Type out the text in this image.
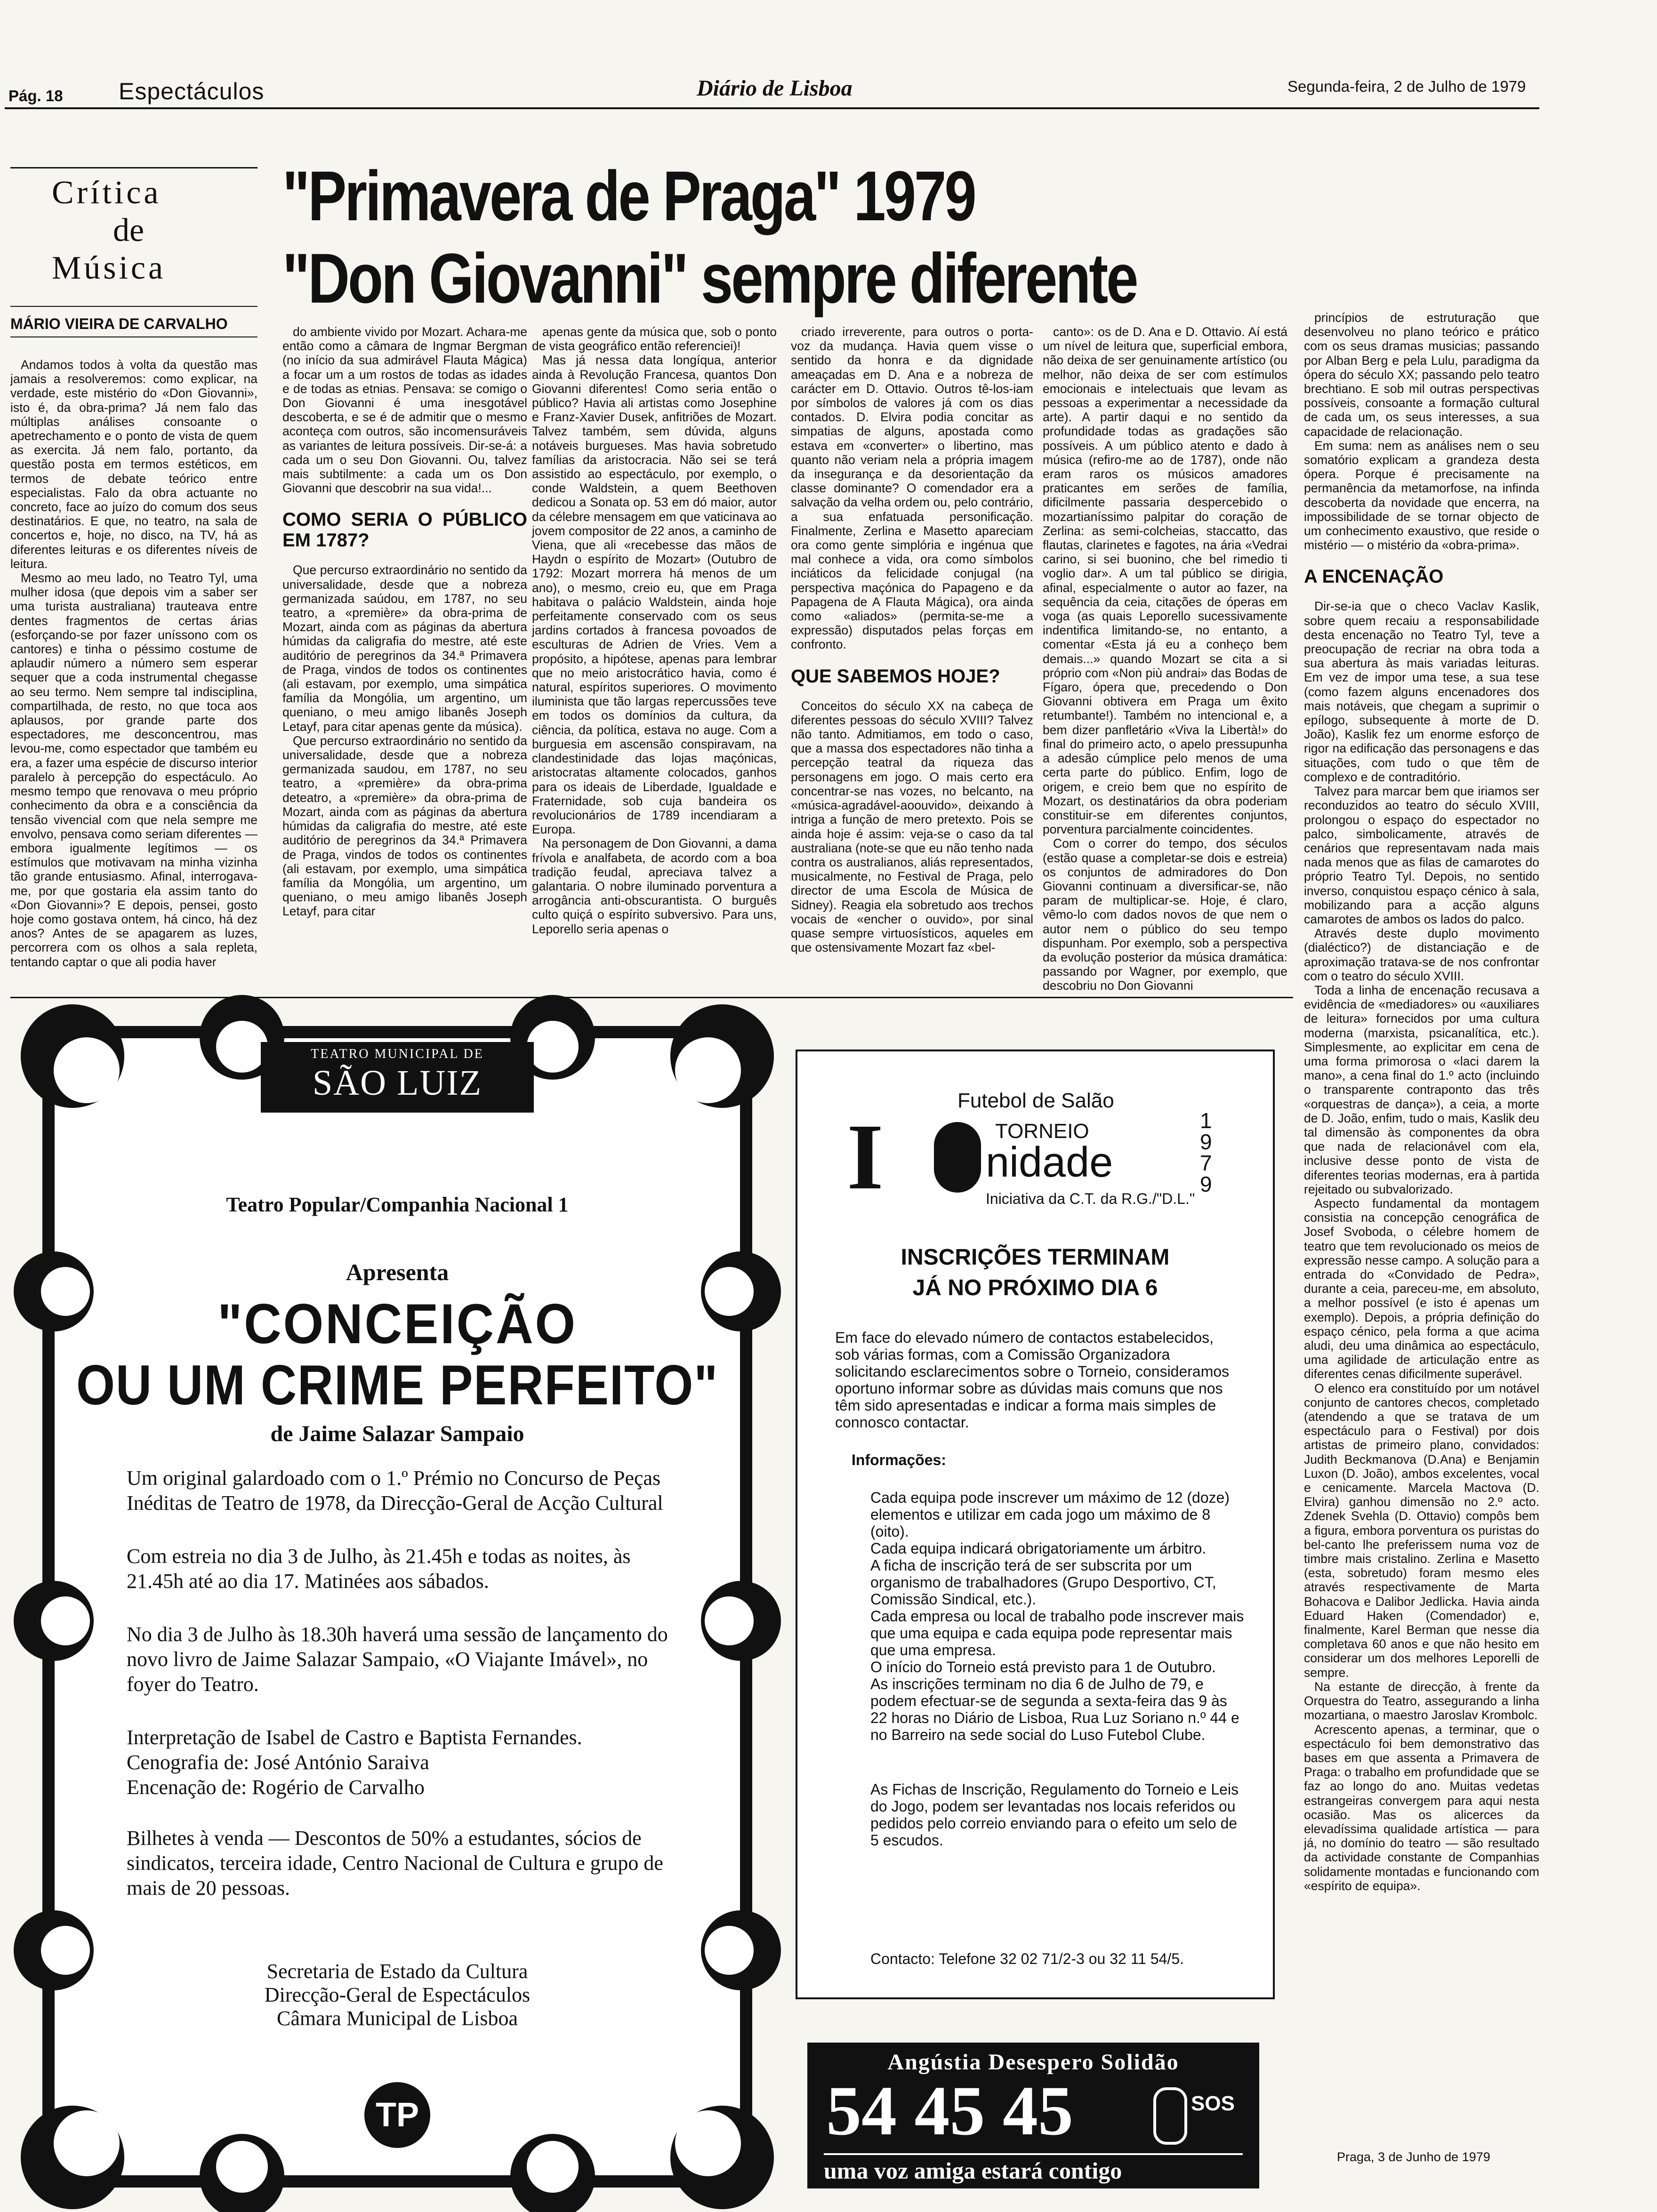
Pág. 18 Espectáculos	Diário de Lisboa	Segunda-feira, 2 de Julho de 1979
Crítica
de
Música
MÁRIO VIEIRA DE CARVALHO
"Primavera de Praga" 1979
"Don Giovanni" sempre diferente

Andamos todos à volta da questão mas jamais a resolveremos: como explicar, na verdade, este mistério do «Don Giovanni», isto é, da obra-prima? Já nem falo das múltiplas análises consoante o apetrechamento e o ponto de vista de quem as exercita. Já nem falo, portanto, da questão posta em termos estéticos, em termos de debate teórico entre especialistas. Falo da obra actuante no concreto, face ao juízo do comum dos seus destinatários. E que, no teatro, na sala de concertos e, hoje, no disco, na TV, há as diferentes leituras e os diferentes níveis de leitura.

Mesmo ao meu lado, no Teatro Tyl, uma mulher idosa (que depois vim a saber ser uma turista australiana) trauteava entre dentes fragmentos de certas árias (esforçando-se por fazer uníssono com os cantores) e tinha o péssimo costume de aplaudir número a número sem esperar sequer que a coda instrumental chegasse ao seu termo. Nem sempre tal indisciplina, compartilhada, de resto, no que toca aos aplausos, por grande parte dos espectadores, me desconcentrou, mas levou-me, como espectador que também eu era, a fazer uma espécie de discurso interior paralelo à percepção do espectáculo. Ao mesmo tempo que renovava o meu próprio conhecimento da obra e a consciência da tensão vivencial com que nela sempre me envolvo, pensava como seriam diferentes — embora igualmente legítimos — os estímulos que motivavam na minha vizinha tão grande entusiasmo. Afinal, interrogava-me, por que gostaria ela assim tanto do «Don Giovanni»? E depois, pensei, gosto hoje como gostava ontem, há cinco, há dez anos? Antes de se apagarem as luzes, percorrera com os olhos a sala repleta, tentando captar o que ali podia haver

do ambiente vivido por Mozart. Achara-me então como a câmara de Ingmar Bergman (no início da sua admirável Flauta Mágica) a focar um a um rostos de todas as idades e de todas as etnias. Pensava: se comigo o Don Giovanni é uma inesgotável descoberta, e se é de admitir que o mesmo aconteça com outros, são incomensuráveis as variantes de leitura possíveis. Dir-se-á: a cada um o seu Don Giovanni. Ou, talvez mais subtilmente: a cada um os Don Giovanni que descobrir na sua vida!...

COMO SERIA O PÚBLICO EM 1787?

Que percurso extraordinário no sentido da universalidade, desde que a nobreza germanizada saúdou, em 1787, no seu teatro, a «première» da obra-prima de Mozart, ainda com as páginas da abertura húmidas da caligrafia do mestre, até este auditório de peregrinos da 34.ª Primavera de Praga, vindos de todos os continentes (ali estavam, por exemplo, uma simpática família da Mongólia, um argentino, um queniano, o meu amigo libanês Joseph Letayf, para citar apenas gente da música).

Que percurso extraordinário no sentido da universalidade, desde que a nobreza germanizada saudou, em 1787, no seu teatro, a «première» da obra-prima deteatro, a «première» da obra-prima de Mozart, ainda com as páginas da abertura húmidas da caligrafia do mestre, até este auditório de peregrinos da 34.ª Primavera de Praga, vindos de todos os continentes (ali estavam, por exemplo, uma simpática família da Mongólia, um argentino, um queniano, o meu amigo libanês Joseph Letayf, para citar

apenas gente da música que, sob o ponto de vista geográfico então referenciei)!

Mas já nessa data longíqua, anterior ainda à Revolução Francesa, quantos Don Giovanni diferentes! Como seria então o público? Havia ali artistas como Josephine e Franz-Xavier Dusek, anfitriões de Mozart. Talvez também, sem dúvida, alguns notáveis burgueses. Mas havia sobretudo famílias da aristocracia. Não sei se terá assistido ao espectáculo, por exemplo, o conde Waldstein, a quem Beethoven dedicou a Sonata op. 53 em dó maior, autor da célebre mensagem em que vaticinava ao jovem compositor de 22 anos, a caminho de Viena, que ali «recebesse das mãos de Haydn o espírito de Mozart» (Outubro de 1792: Mozart morrera há menos de um ano), o mesmo, creio eu, que em Praga habitava o palácio Waldstein, ainda hoje perfeitamente conservado com os seus jardins cortados à francesa povoados de esculturas de Adrien de Vries. Vem a propósito, a hipótese, apenas para lembrar que no meio aristocrático havia, como é natural, espíritos superiores. O movimento iluminista que tão largas repercussões teve em todos os domínios da cultura, da ciência, da política, estava no auge. Com a burguesia em ascensão conspiravam, na clandestinidade das lojas maçónicas, aristocratas altamente colocados, ganhos para os ideais de Liberdade, Igualdade e Fraternidade, sob cuja bandeira os revolucionários de 1789 incendiaram a Europa.

Na personagem de Don Giovanni, a dama frívola e analfabeta, de acordo com a boa tradição feudal, apreciava talvez a galantaria. O nobre iluminado porventura a arrogância anti-obscurantista. O burguês culto quiçá o espírito subversivo. Para uns, Leporello seria apenas o

criado irreverente, para outros o porta-voz da mudança. Havia quem visse o sentido da honra e da dignidade ameaçadas em D. Ana e a nobreza de carácter em D. Ottavio. Outros tê-los-iam por símbolos de valores já com os dias contados. D. Elvira podia concitar as simpatias de alguns, apostada como estava em «converter» o libertino, mas quanto não veriam nela a própria imagem da insegurança e da desorientação da classe dominante? O comendador era a salvação da velha ordem ou, pelo contrário, a sua enfatuada personificação. Finalmente, Zerlina e Masetto apareciam ora como gente simplória e ingénua que mal conhece a vida, ora como símbolos inciáticos da felicidade conjugal (na perspectiva maçónica do Papageno e da Papagena de A Flauta Mágica), ora ainda como «aliados» (permita-se-me a expressão) disputados pelas forças em confronto.

QUE SABEMOS HOJE?

Conceitos do século XX na cabeça de diferentes pessoas do século XVIII? Talvez não tanto. Admitiamos, em todo o caso, que a massa dos espectadores não tinha a percepção teatral da riqueza das personagens em jogo. O mais certo era concentrar-se nas vozes, no belcanto, na «música-agradável-aoouvido», deixando à intriga a função de mero pretexto. Pois se ainda hoje é assim: veja-se o caso da tal australiana (note-se que eu não tenho nada contra os australianos, aliás representados, musicalmente, no Festival de Praga, pelo director de uma Escola de Música de Sidney). Reagia ela sobretudo aos trechos vocais de «encher o ouvido», por sinal quase sempre virtuosísticos, aqueles em que ostensivamente Mozart faz «bel-

canto»: os de D. Ana e D. Ottavio. Aí está um nível de leitura que, superficial embora, não deixa de ser genuinamente artístico (ou melhor, não deixa de ser com estímulos emocionais e intelectuais que levam as pessoas a experimentar a necessidade da arte). A partir daqui e no sentido da profundidade todas as gradações são possíveis. A um público atento e dado à música (refiro-me ao de 1787), onde não eram raros os músicos amadores praticantes em serões de família, dificilmente passaria despercebido o mozartianíssimo palpitar do coração de Zerlina: as semi-colcheias, staccatto, das flautas, clarinetes e fagotes, na ária «Vedrai carino, si sei buonino, che bel rimedio ti voglio dar». A um tal público se dirigia, afinal, especialmente o autor ao fazer, na sequência da ceia, citações de óperas em voga (as quais Leporello sucessivamente indentifica limitando-se, no entanto, a comentar «Esta já eu a conheço bem demais...» quando Mozart se cita a si próprio com «Non più andrai» das Bodas de Fígaro, ópera que, precedendo o Don Giovanni obtivera em Praga um êxito retumbante!). Também no intencional e, a bem dizer panfletário «Viva la Libertà!» do final do primeiro acto, o apelo pressupunha a adesão cúmplice pelo menos de uma certa parte do público. Enfim, logo de origem, e creio bem que no espírito de Mozart, os destinatários da obra poderiam constituir-se em diferentes conjuntos, porventura parcialmente coincidentes.

Com o correr do tempo, dos séculos (estão quase a completar-se dois e estreia) os conjuntos de admiradores do Don Giovanni continuam a diversificar-se, não param de multiplicar-se. Hoje, é claro, vêmo-lo com dados novos de que nem o autor nem o público do seu tempo dispunham. Por exemplo, sob a perspectiva da evolução posterior da música dramática: passando por Wagner, por exemplo, que descobriu no Don Giovanni

princípios de estruturação que desenvolveu no plano teórico e prático com os seus dramas musicias; passando por Alban Berg e pela Lulu, paradigma da ópera do século XX; passando pelo teatro brechtiano. E sob mil outras perspectivas possíveis, consoante a formação cultural de cada um, os seus interesses, a sua capacidade de relacionação.

Em suma: nem as análises nem o seu somatório explicam a grandeza desta ópera. Porque é precisamente na permanência da metamorfose, na infinda descoberta da novidade que encerra, na impossibilidade de se tornar objecto de um conhecimento exaustivo, que reside o mistério — o mistério da «obra-prima».

A ENCENAÇÃO

Dir-se-ia que o checo Vaclav Kaslik, sobre quem recaiu a responsabilidade desta encenação no Teatro Tyl, teve a preocupação de recriar na obra toda a sua abertura às mais variadas leituras. Em vez de impor uma tese, a sua tese (como fazem alguns encenadores dos mais notáveis, que chegam a suprimir o epílogo, subsequente à morte de D. João), Kaslik fez um enorme esforço de rigor na edificação das personagens e das situações, com tudo o que têm de complexo e de contraditório.

Talvez para marcar bem que iriamos ser reconduzidos ao teatro do século XVIII, prolongou o espaço do espectador no palco, simbolicamente, através de cenários que representavam nada mais nada menos que as filas de camarotes do próprio Teatro Tyl. Depois, no sentido inverso, conquistou espaço cénico à sala, mobilizando para a acção alguns camarotes de ambos os lados do palco.

Através deste duplo movimento (dialéctico?) de distanciação e de aproximação tratava-se de nos confrontar com o teatro do século XVIII.

Toda a linha de encenação recusava a evidência de «mediadores» ou «auxiliares de leitura» fornecidos por uma cultura moderna (marxista, psicanalítica, etc.). Simplesmente, ao explicitar em cena de uma forma primorosa o «laci darem la mano», a cena final do 1.º acto (incluindo o transparente contraponto das três «orquestras de dança»), a ceia, a morte de D. João, enfim, tudo o mais, Kaslik deu tal dimensão às componentes da obra que nada de relacionável com ela, inclusive desse ponto de vista de diferentes teorias modernas, era à partida rejeitado ou subvalorizado.

Aspecto fundamental da montagem consistia na concepção cenográfica de Josef Svoboda, o célebre homem de teatro que tem revolucionado os meios de expressão nesse campo. A solução para a entrada do «Convidado de Pedra», durante a ceia, pareceu-me, em absoluto, a melhor possível (e isto é apenas um exemplo). Depois, a própria definição do espaço cénico, pela forma a que acima aludi, deu uma dinâmica ao espectáculo, uma agilidade de articulação entre as diferentes cenas dificilmente superável.

O elenco era constituído por um notável conjunto de cantores checos, completado (atendendo a que se tratava de um espectáculo para o Festival) por dois artistas de primeiro plano, convidados: Judith Beckmanova (D.Ana) e Benjamin Luxon (D. João), ambos excelentes, vocal e cenicamente. Marcela Mactova (D. Elvira) ganhou dimensão no 2.º acto. Zdenek Svehla (D. Ottavio) compôs bem a figura, embora porventura os puristas do bel-canto lhe preferissem numa voz de timbre mais cristalino. Zerlina e Masetto (esta, sobretudo) foram mesmo eles através respectivamente de Marta Bohacova e Dalibor Jedlicka. Havia ainda Eduard Haken (Comendador) e, finalmente, Karel Berman que nesse dia completava 60 anos e que não hesito em considerar um dos melhores Leporelli de sempre.

Na estante de direcção, à frente da Orquestra do Teatro, assegurando a linha mozartiana, o maestro Jaroslav Krombolc.

Acrescento apenas, a terminar, que o espectáculo foi bem demonstrativo das bases em que assenta a Primavera de Praga: o trabalho em profundidade que se faz ao longo do ano. Muitas vedetas estrangeiras convergem para aqui nesta ocasião. Mas os alicerces da elevadíssima qualidade artística — para já, no domínio do teatro — são resultado da actividade constante de Companhias solidamente montadas e funcionando com «espírito de equipa».

Praga, 3 de Junho de 1979
TEATRO MUNICIPAL DE
SÃO LUIZ
Teatro Popular/Companhia Nacional 1
Apresenta
"CONCEIÇÃO
OU UM CRIME PERFEITO"
de Jaime Salazar Sampaio

Um original galardoado com o 1.º Prémio no Concurso de Peças Inéditas de Teatro de 1978, da Direcção-Geral de Acção Cultural

Com estreia no dia 3 de Julho, às 21.45h e todas as noites, às 21.45h até ao dia 17. Matinées aos sábados.

No dia 3 de Julho às 18.30h haverá uma sessão de lançamento do novo livro de Jaime Salazar Sampaio, «O Viajante Imável», no foyer do Teatro.

Interpretação de Isabel de Castro e Baptista Fernandes.

Cenografia de: José António Saraiva

Encenação de: Rogério de Carvalho

Bilhetes à venda — Descontos de 50% a estudantes, sócios de sindicatos, terceira idade, Centro Nacional de Cultura e grupo de mais de 20 pessoas.

Secretaria de Estado da Cultura

Direcção-Geral de Espectáculos

Câmara Municipal de Lisboa

TP
Futebol de Salão
I	TORNEIO
nidade
1979
Iniciativa da C.T. da R.G./"D.L."
INSCRIÇÕES TERMINAM
JÁ NO PRÓXIMO DIA 6
Em face do elevado número de contactos estabelecidos, sob várias formas, com a Comissão Organizadora solicitando esclarecimentos sobre o Torneio, consideramos oportuno informar sobre as dúvidas mais comuns que nos têm sido apresentadas e indicar a forma mais simples de connosco contactar.
Informações:
Cada equipa pode inscrever um máximo de 12 (doze) elementos e utilizar em cada jogo um máximo de 8 (oito).
Cada equipa indicará obrigatoriamente um árbitro.
A ficha de inscrição terá de ser subscrita por um organismo de trabalhadores (Grupo Desportivo, CT, Comissão Sindical, etc.).
Cada empresa ou local de trabalho pode inscrever mais que uma equipa e cada equipa pode representar mais que uma empresa.
O início do Torneio está previsto para 1 de Outubro.
As inscrições terminam no dia 6 de Julho de 79, e podem efectuar-se de segunda a sexta-feira das 9 às 22 horas no Diário de Lisboa, Rua Luz Soriano n.º 44 e no Barreiro na sede social do Luso Futebol Clube.
As Fichas de Inscrição, Regulamento do Torneio e Leis do Jogo, podem ser levantadas nos locais referidos ou pedidos pelo correio enviando para o efeito um selo de 5 escudos.
Contacto: Telefone 32 02 71/2-3 ou 32 11 54/5.
Angústia Desespero Solidão
54 45 45	SOS
uma voz amiga estará contigo
